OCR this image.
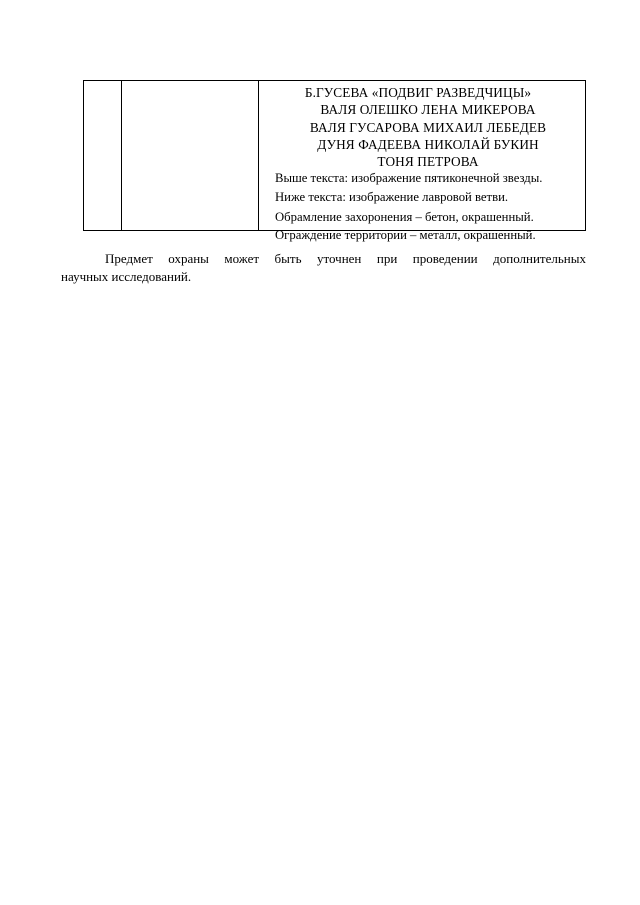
Б.ГУСЕВА «ПОДВИГ РАЗВЕДЧИЦЫ»
ВАЛЯ ОЛЕШКО ЛЕНА МИКЕРОВА
ВАЛЯ ГУСАРОВА МИХАИЛ ЛЕБЕДЕВ
ДУНЯ ФАДЕЕВА НИКОЛАЙ БУКИН
ТОНЯ ПЕТРОВА
Выше текста: изображение пятиконечной звезды.
Ниже текста: изображение лавровой ветви.
Обрамление захоронения – бетон, окрашенный.
Ограждение территории – металл, окрашенный.
Предмет охраны может быть уточнен при проведении дополнительных
научных исследований.
